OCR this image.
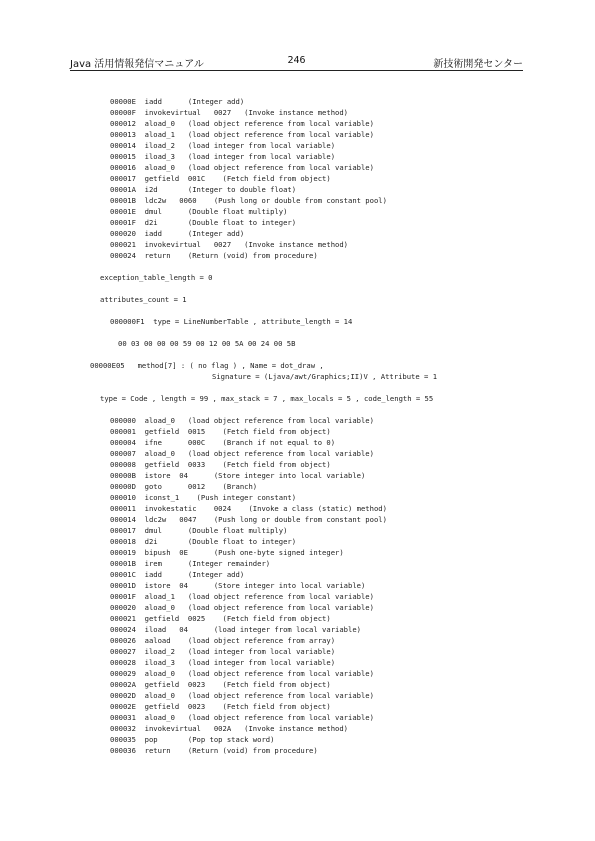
Java 活用情報発信マニュアル	246	新技術開発センター
00000E  iadd      (Integer add)
00000F  invokevirtual   0027   (Invoke instance method)
000012  aload_0   (load object reference from local variable)
000013  aload_1   (load object reference from local variable)
000014  iload_2   (load integer from local variable)
000015  iload_3   (load integer from local variable)
000016  aload_0   (load object reference from local variable)
000017  getfield  001C    (Fetch field from object)
00001A  i2d       (Integer to double float)
00001B  ldc2w   0060    (Push long or double from constant pool)
00001E  dmul      (Double float multiply)
00001F  d2i       (Double float to integer)
000020  iadd      (Integer add)
000021  invokevirtual   0027   (Invoke instance method)
000024  return    (Return (void) from procedure)
exception_table_length = 0
attributes_count = 1
000000F1  type = LineNumberTable , attribute_length = 14
00 03 00 00 00 59 00 12 00 5A 00 24 00 5B
00000E05   method[7] : ( no flag ) , Name = dot_draw ,
Signature = (Ljava/awt/Graphics;II)V , Attribute = 1
type = Code , length = 99 , max_stack = 7 , max_locals = 5 , code_length = 55
000000  aload_0   (load object reference from local variable)
000001  getfield  0015    (Fetch field from object)
000004  ifne      000C    (Branch if not equal to 0)
000007  aload_0   (load object reference from local variable)
000008  getfield  0033    (Fetch field from object)
00000B  istore  04      (Store integer into local variable)
00000D  goto      0012    (Branch)
000010  iconst_1    (Push integer constant)
000011  invokestatic    0024    (Invoke a class (static) method)
000014  ldc2w   0047    (Push long or double from constant pool)
000017  dmul      (Double float multiply)
000018  d2i       (Double float to integer)
000019  bipush  0E      (Push one-byte signed integer)
00001B  irem      (Integer remainder)
00001C  iadd      (Integer add)
00001D  istore  04      (Store integer into local variable)
00001F  aload_1   (load object reference from local variable)
000020  aload_0   (load object reference from local variable)
000021  getfield  0025    (Fetch field from object)
000024  iload   04      (load integer from local variable)
000026  aaload    (load object reference from array)
000027  iload_2   (load integer from local variable)
000028  iload_3   (load integer from local variable)
000029  aload_0   (load object reference from local variable)
00002A  getfield  0023    (Fetch field from object)
00002D  aload_0   (load object reference from local variable)
00002E  getfield  0023    (Fetch field from object)
000031  aload_0   (load object reference from local variable)
000032  invokevirtual   002A   (Invoke instance method)
000035  pop       (Pop top stack word)
000036  return    (Return (void) from procedure)
